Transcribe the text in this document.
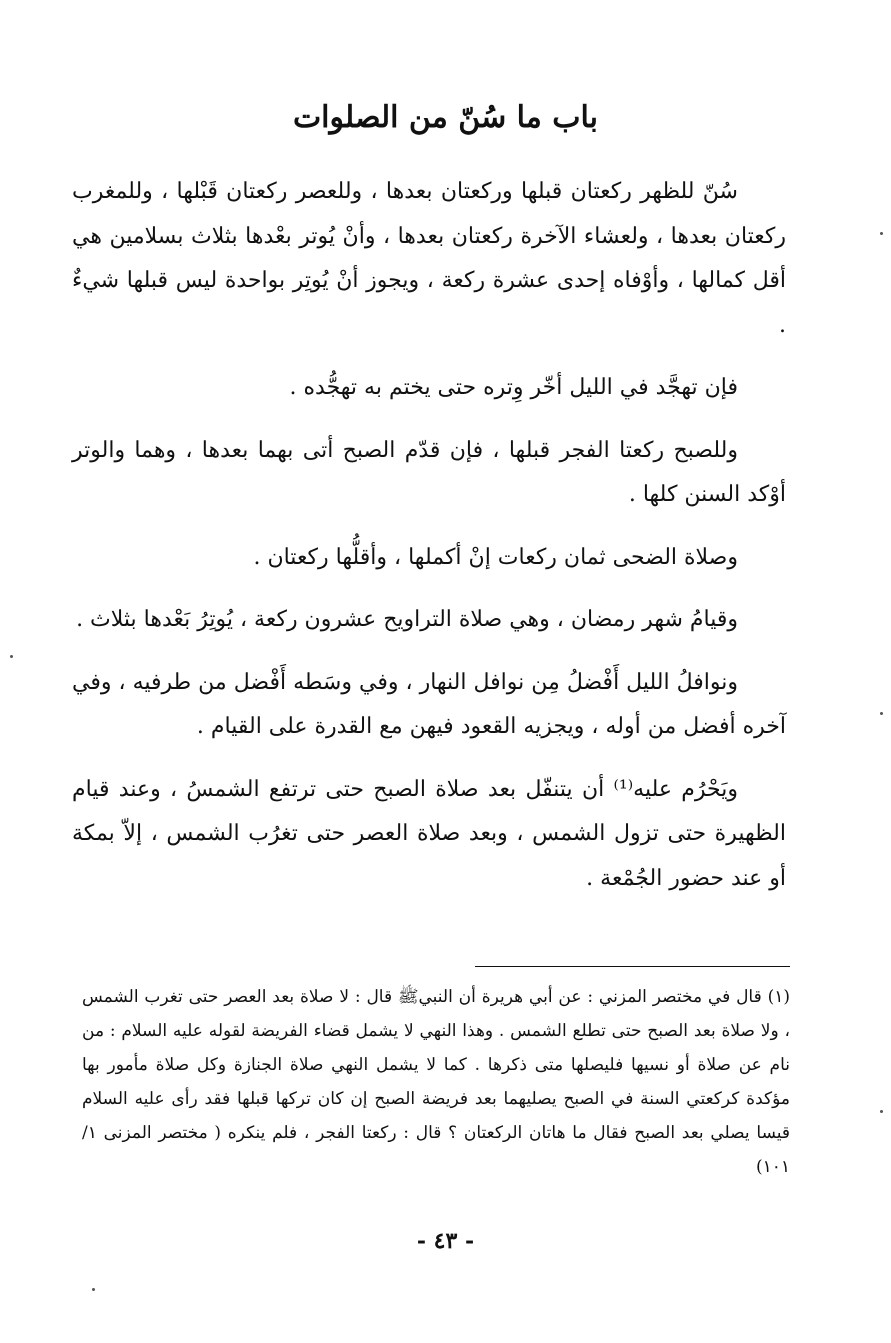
باب ما سُنّ من الصلوات

سُنّ للظهر ركعتان قبلها وركعتان بعدها ، وللعصر ركعتان قَبْلها ، وللمغرب ركعتان بعدها ، ولعشاء الآخرة ركعتان بعدها ، وأنْ يُوتر بعْدها بثلاث بسلامين هي أقل كمالها ، وأوْفاه إحدى عشرة ركعة ، ويجوز أنْ يُوتِر بواحدة ليس قبلها شيءٌ .

فإن تهجَّد في الليل أخّر وِتره حتى يختم به تهجُّده .

وللصبح ركعتا الفجر قبلها ، فإن قدّم الصبح أتى بهما بعدها ، وهما والوتر أوْكد السنن كلها .

وصلاة الضحى ثمان ركعات إنْ أكملها ، وأقلُّها ركعتان .

وقيامُ شهر رمضان ، وهي صلاة التراويح عشرون ركعة ، يُوتِرُ بَعْدها بثلاث .

ونوافلُ الليل أَفْضلُ مِن نوافل النهار ، وفي وسَطه أَفْضل من طرفيه ، وفي آخره أفضل من أوله ، ويجزيه القعود فيهن مع القدرة على القيام .

ويَحْرُم عليه⁽¹⁾ أن يتنفّل بعد صلاة الصبح حتى ترتفع الشمسُ ، وعند قيام الظهيرة حتى تزول الشمس ، وبعد صلاة العصر حتى تغرُب الشمس ، إلاّ بمكة أو عند حضور الجُمْعة .

(١) قال في مختصر المزني : عن أبي هريرة أن النبيﷺ قال : لا صلاة بعد العصر حتى تغرب الشمس ، ولا صلاة بعد الصبح حتى تطلع الشمس . وهذا النهي لا يشمل قضاء الفريضة لقوله عليه السلام : من نام عن صلاة أو نسيها فليصلها متى ذكرها . كما لا يشمل النهي صلاة الجنازة وكل صلاة مأمور بها مؤكدة كركعتي السنة في الصبح يصليهما بعد فريضة الصبح إن كان تركها قبلها فقد رأى عليه السلام قيسا يصلي بعد الصبح فقال ما هاتان الركعتان ؟ قال : ركعتا الفجر ، فلم ينكره ( مختصر المزنى ١/ ١٠١)

- ٤٣ -
